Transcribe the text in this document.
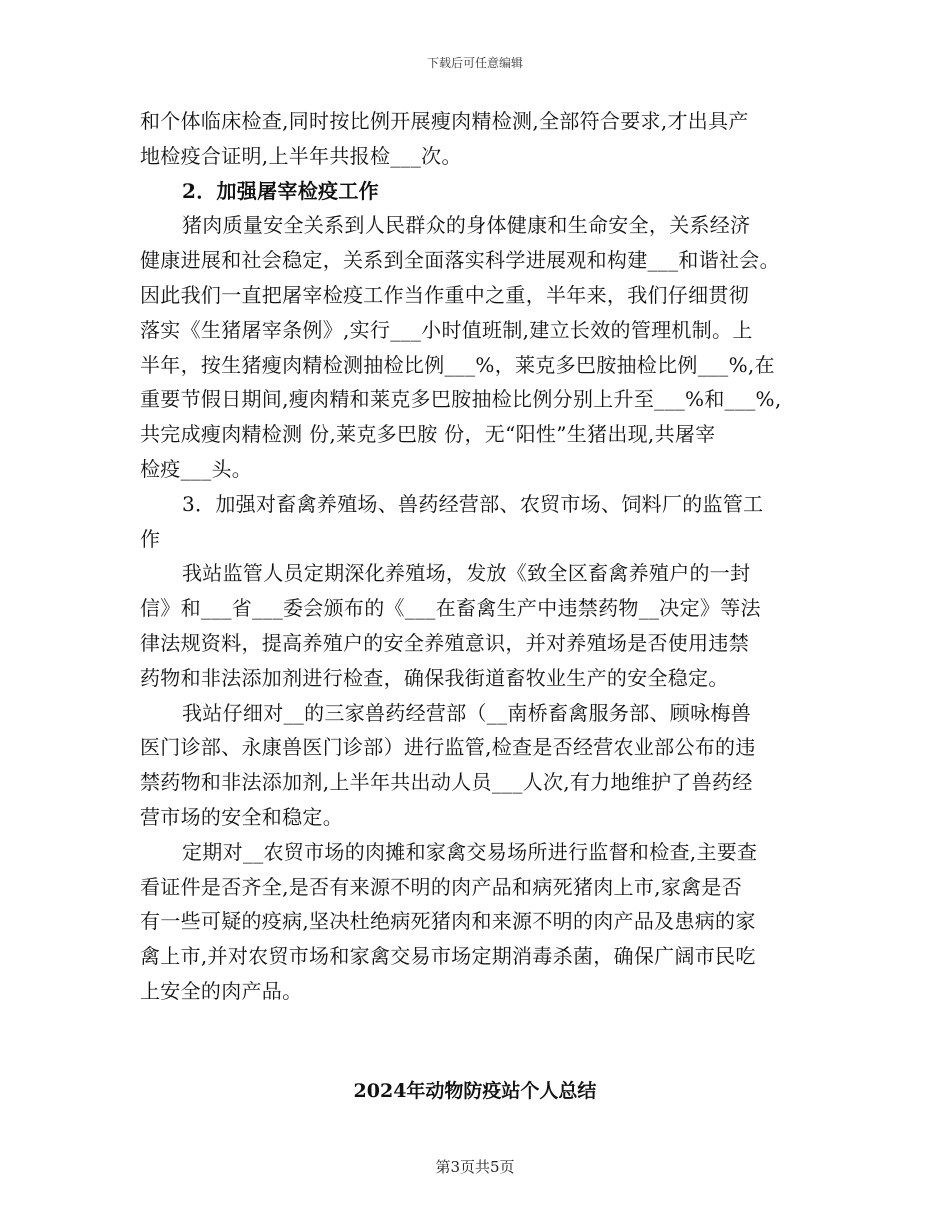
下载后可任意编辑
和个体临床检查,同时按比例开展瘦肉精检测,全部符合要求,才出具产
地检疫合证明,上半年共报检___次。
2．加强屠宰检疫工作
猪肉质量安全关系到人民群众的身体健康和生命安全，关系经济
健康进展和社会稳定，关系到全面落实科学进展观和构建___和谐社会。
因此我们一直把屠宰检疫工作当作重中之重，半年来，我们仔细贯彻
落实《生猪屠宰条例》,实行___小时值班制,建立长效的管理机制。上
半年，按生猪瘦肉精检测抽检比例___%，莱克多巴胺抽检比例___%,在
重要节假日期间,瘦肉精和莱克多巴胺抽检比例分别上升至___%和___%,
共完成瘦肉精检测 份,莱克多巴胺 份，无“阳性”生猪出现,共屠宰
检疫___头。
3．加强对畜禽养殖场、兽药经营部、农贸市场、饲料厂的监管工
作
我站监管人员定期深化养殖场，发放《致全区畜禽养殖户的一封
信》和___省___委会颁布的《___在畜禽生产中违禁药物__决定》等法
律法规资料，提高养殖户的安全养殖意识，并对养殖场是否使用违禁
药物和非法添加剂进行检查，确保我街道畜牧业生产的安全稳定。
我站仔细对__的三家兽药经营部（__南桥畜禽服务部、顾咏梅兽
医门诊部、永康兽医门诊部）进行监管,检查是否经营农业部公布的违
禁药物和非法添加剂,上半年共出动人员___人次,有力地维护了兽药经
营市场的安全和稳定。
定期对__农贸市场的肉摊和家禽交易场所进行监督和检查,主要查
看证件是否齐全,是否有来源不明的肉产品和病死猪肉上市,家禽是否
有一些可疑的疫病,坚决杜绝病死猪肉和来源不明的肉产品及患病的家
禽上市,并对农贸市场和家禽交易市场定期消毒杀菌，确保广阔市民吃
上安全的肉产品。
2024年动物防疫站个人总结
第3页共5页
